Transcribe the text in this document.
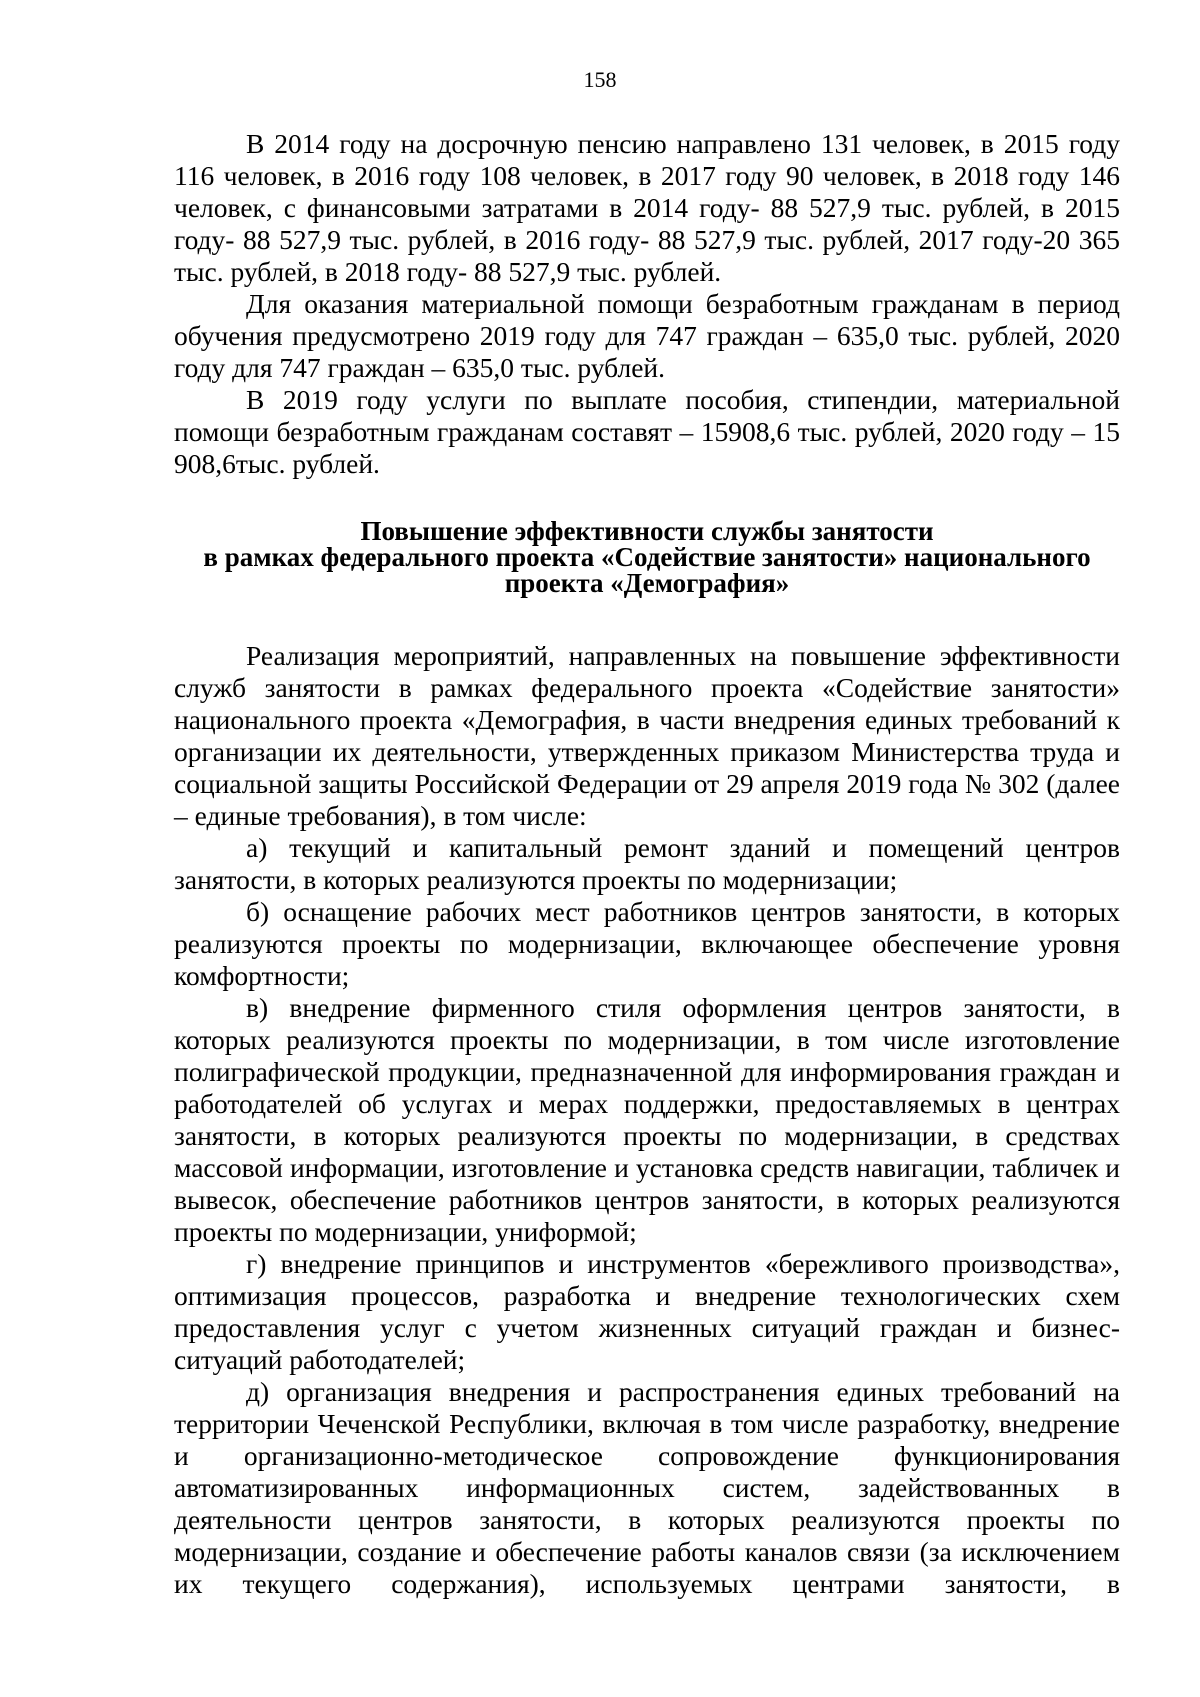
158

В 2014 году на досрочную пенсию направлено 131 человек, в 2015 году 116 человек, в 2016 году 108 человек, в 2017 году 90 человек, в 2018 году 146 человек, с финансовыми затратами в 2014 году- 88 527,9 тыс. рублей, в 2015 году- 88 527,9 тыс. рублей, в 2016 году- 88 527,9 тыс. рублей, 2017 году-20 365 тыс. рублей, в 2018 году- 88 527,9 тыс. рублей.

Для оказания материальной помощи безработным гражданам в период обучения предусмотрено 2019 году для 747 граждан – 635,0 тыс. рублей, 2020 году для 747 граждан – 635,0 тыс. рублей.

В 2019 году услуги по выплате пособия, стипендии, материальной помощи безработным гражданам составят – 15908,6 тыс. рублей, 2020 году – 15 908,6тыс. рублей.

Повышение эффективности службы занятости
в рамках федерального проекта «Содействие занятости» национального
проекта «Демография»

Реализация мероприятий, направленных на повышение эффективности служб занятости в рамках федерального проекта «Содействие занятости» национального проекта «Демография, в части внедрения единых требований к организации их деятельности, утвержденных приказом Министерства труда и социальной защиты Российской Федерации от 29 апреля 2019 года № 302 (далее – единые требования), в том числе:

а) текущий и капитальный ремонт зданий и помещений центров занятости, в которых реализуются проекты по модернизации;

б) оснащение рабочих мест работников центров занятости, в которых реализуются проекты по модернизации, включающее обеспечение уровня комфортности;

в) внедрение фирменного стиля оформления центров занятости, в которых реализуются проекты по модернизации, в том числе изготовление полиграфической продукции, предназначенной для информирования граждан и работодателей об услугах и мерах поддержки, предоставляемых в центрах занятости, в которых реализуются проекты по модернизации, в средствах массовой информации, изготовление и установка средств навигации, табличек и вывесок, обеспечение работников центров занятости, в которых реализуются проекты по модернизации, униформой;

г) внедрение принципов и инструментов «бережливого производства», оптимизация процессов, разработка и внедрение технологических схем предоставления услуг с учетом жизненных ситуаций граждан и бизнес-ситуаций работодателей;

д) организация внедрения и распространения единых требований на территории Чеченской Республики, включая в том числе разработку, внедрение и организационно-методическое сопровождение функционирования автоматизированных информационных систем, задействованных в деятельности центров занятости, в которых реализуются проекты по модернизации, создание и обеспечение работы каналов связи (за исключением их текущего содержания), используемых центрами занятости, в
